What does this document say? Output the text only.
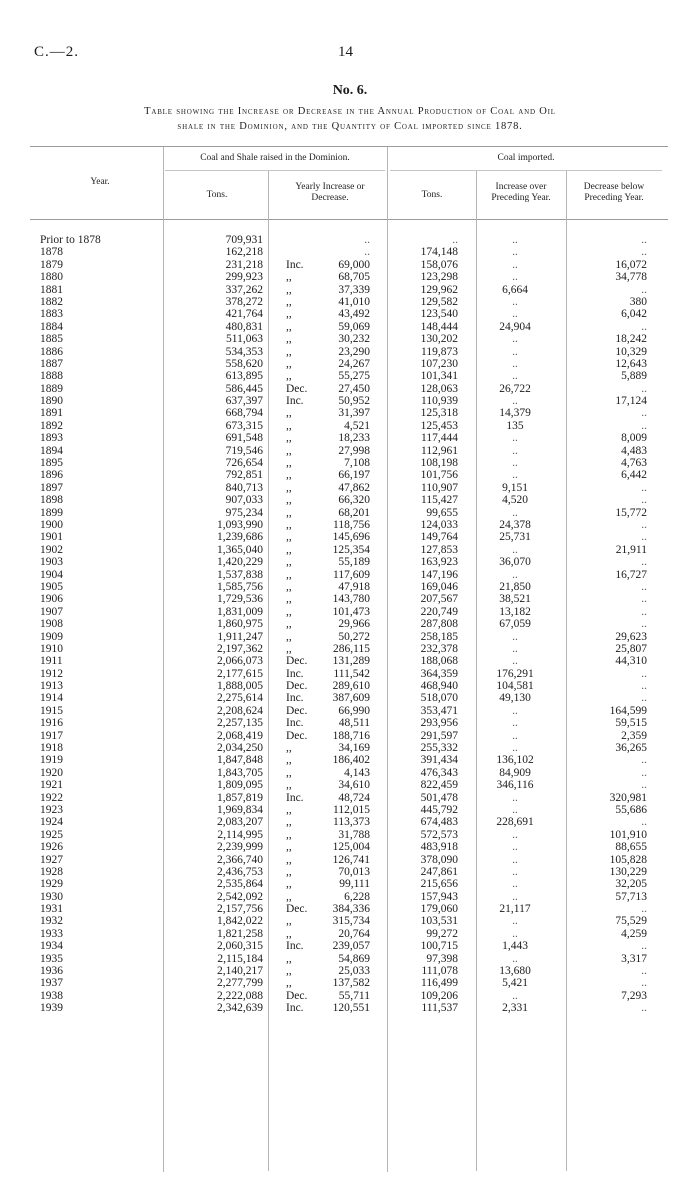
C.—2.	14
No. 6.
Table showing the Increase or Decrease in the Annual Production of Coal and Oil
shale in the Dominion, and the Quantity of Coal imported since 1878.
Year.
Coal and Shale raised in the Dominion.
Tons.
Yearly Increase or Decrease.
Coal imported.
Tons.
Increase over Preceding Year.
Decrease below Preceding Year.
Prior to 1878	709,931	..	..	..	..
1878	162,218	..	174,148	..	..
1879	231,218 Inc.	69,000	158,076	..	16,072
1880	299,923 ,,	68,705	123,298	..	34,778
1881	337,262 ,,	37,339	129,962	6,664	..
1882	378,272 ,,	41,010	129,582	..	380
1883	421,764 ,,	43,492	123,540	..	6,042
1884	480,831 ,,	59,069	148,444	24,904	..
1885	511,063 ,,	30,232	130,202	..	18,242
1886	534,353 ,,	23,290	119,873	..	10,329
1887	558,620 ,,	24,267	107,230	..	12,643
1888	613,895 ,,	55,275	101,341	..	5,889
1889	586,445 Dec.	27,450	128,063	26,722	..
1890	637,397 Inc.	50,952	110,939	..	17,124
1891	668,794 ,,	31,397	125,318	14,379	..
1892	673,315 ,,	4,521	125,453	135	..
1893	691,548 ,,	18,233	117,444	..	8,009
1894	719,546 ,,	27,998	112,961	..	4,483
1895	726,654 ,,	7,108	108,198	..	4,763
1896	792,851 ,,	66,197	101,756	..	6,442
1897	840,713 ,,	47,862	110,907	9,151	..
1898	907,033 ,,	66,320	115,427	4,520	..
1899	975,234 ,,	68,201	99,655	..	15,772
1900	1,093,990 ,,	118,756	124,033	24,378	..
1901	1,239,686 ,,	145,696	149,764	25,731	..
1902	1,365,040 ,,	125,354	127,853	..	21,911
1903	1,420,229 ,,	55,189	163,923	36,070	..
1904	1,537,838 ,,	117,609	147,196	..	16,727
1905	1,585,756 ,,	47,918	169,046	21,850	..
1906	1,729,536 ,,	143,780	207,567	38,521	..
1907	1,831,009 ,,	101,473	220,749	13,182	..
1908	1,860,975 ,,	29,966	287,808	67,059	..
1909	1,911,247 ,,	50,272	258,185	..	29,623
1910	2,197,362 ,,	286,115	232,378	..	25,807
1911	2,066,073 Dec.	131,289	188,068	..	44,310
1912	2,177,615 Inc.	111,542	364,359	176,291	..
1913	1,888,005 Dec.	289,610	468,940	104,581	..
1914	2,275,614 Inc.	387,609	518,070	49,130	..
1915	2,208,624 Dec.	66,990	353,471	..	164,599
1916	2,257,135 Inc.	48,511	293,956	..	59,515
1917	2,068,419 Dec.	188,716	291,597	..	2,359
1918	2,034,250 ,,	34,169	255,332	..	36,265
1919	1,847,848 ,,	186,402	391,434	136,102	..
1920	1,843,705 ,,	4,143	476,343	84,909	..
1921	1,809,095 ,,	34,610	822,459	346,116	..
1922	1,857,819 Inc.	48,724	501,478	..	320,981
1923	1,969,834 ,,	112,015	445,792	..	55,686
1924	2,083,207 ,,	113,373	674,483	228,691	..
1925	2,114,995 ,,	31,788	572,573	..	101,910
1926	2,239,999 ,,	125,004	483,918	..	88,655
1927	2,366,740 ,,	126,741	378,090	..	105,828
1928	2,436,753 ,,	70,013	247,861	..	130,229
1929	2,535,864 ,,	99,111	215,656	..	32,205
1930	2,542,092 ,,	6,228	157,943	..	57,713
1931	2,157,756 Dec.	384,336	179,060	21,117	..
1932	1,842,022 ,,	315,734	103,531	..	75,529
1933	1,821,258 ,,	20,764	99,272	..	4,259
1934	2,060,315 Inc.	239,057	100,715	1,443	..
1935	2,115,184 ,,	54,869	97,398	..	3,317
1936	2,140,217 ,,	25,033	111,078	13,680	..
1937	2,277,799 ,,	137,582	116,499	5,421	..
1938	2,222,088 Dec.	55,711	109,206	..	7,293
1939	2,342,639 Inc.	120,551	111,537	2,331	..
